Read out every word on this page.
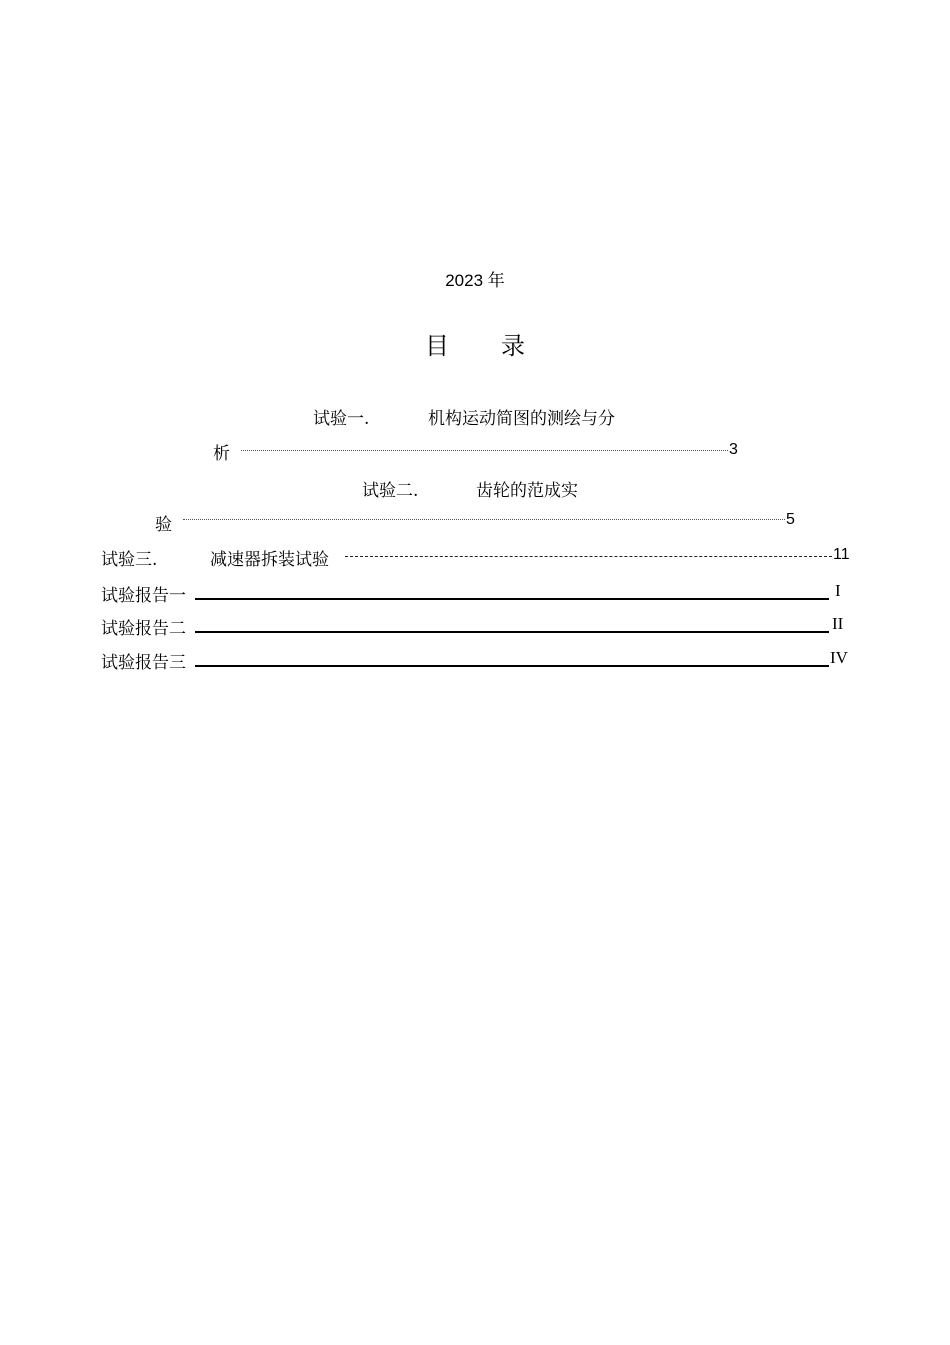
2023 年
目 录
试验一.	机构运动简图的测绘与分
析	3
试验二.	齿轮的范成实
验	5
试验三.	减速器拆装试验	11
试验报告一	I
试验报告二	II
试验报告三	IV
